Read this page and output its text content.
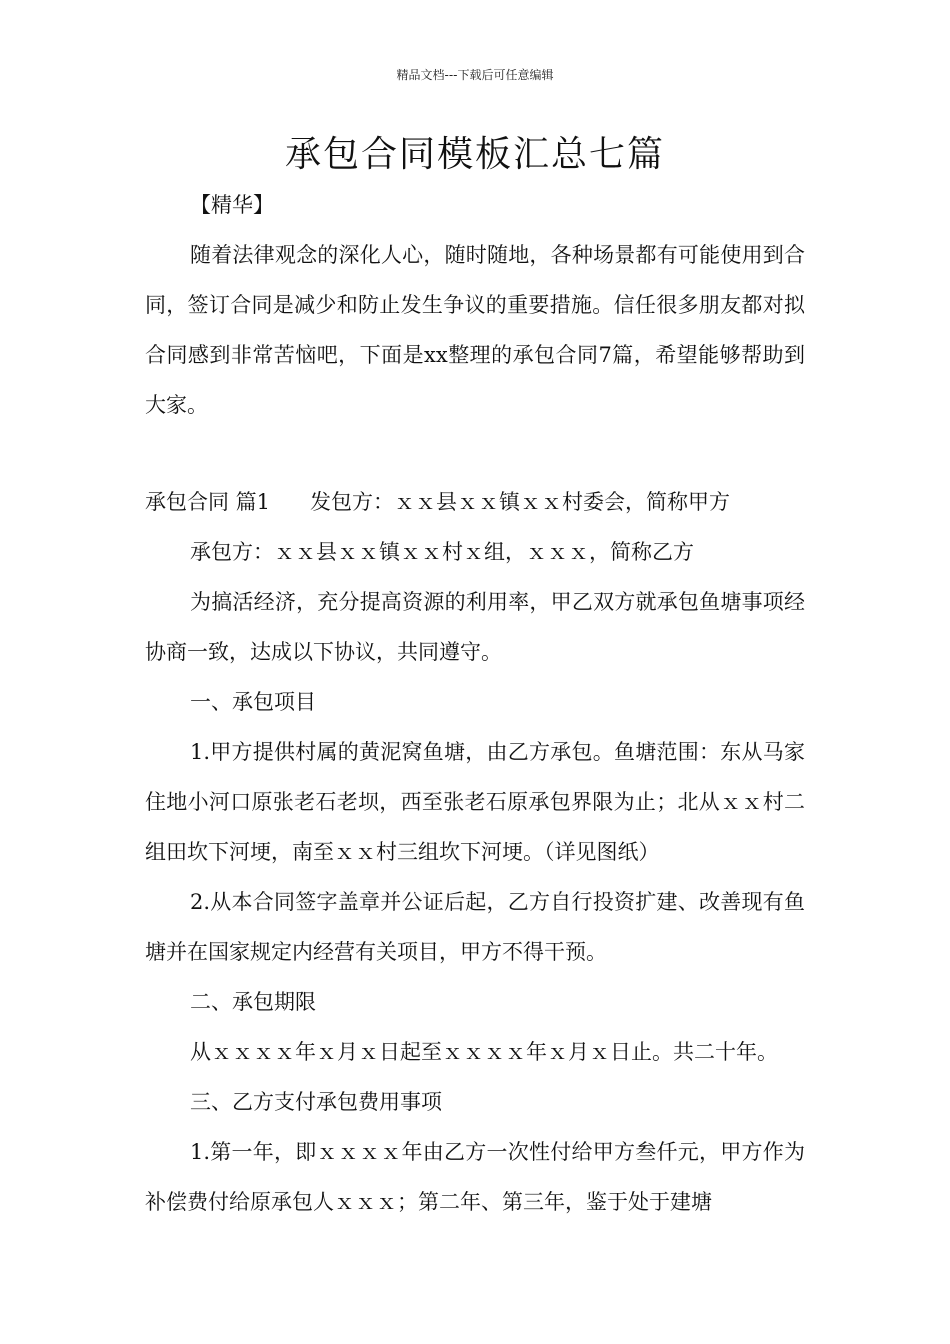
精品文档---下载后可任意编辑
承包合同模板汇总七篇

【精华】

随着法律观念的深化人心，随时随地，各种场景都有可能使用到合同，签订合同是减少和防止发生争议的重要措施。信任很多朋友都对拟合同感到非常苦恼吧，下面是xx整理的承包合同7篇，希望能够帮助到大家。

承包合同 篇1 发包方：ｘｘ县ｘｘ镇ｘｘ村委会，简称甲方

承包方：ｘｘ县ｘｘ镇ｘｘ村ｘ组，ｘｘｘ，简称乙方

为搞活经济，充分提高资源的利用率，甲乙双方就承包鱼塘事项经协商一致，达成以下协议，共同遵守。

一、承包项目

1.甲方提供村属的黄泥窝鱼塘，由乙方承包。鱼塘范围：东从马家住地小河口原张老石老坝，西至张老石原承包界限为止；北从ｘｘ村二组田坎下河埂，南至ｘｘ村三组坎下河埂。（详见图纸）

2.从本合同签字盖章并公证后起，乙方自行投资扩建、改善现有鱼塘并在国家规定内经营有关项目，甲方不得干预。

二、承包期限

从ｘｘｘｘ年ｘ月ｘ日起至ｘｘｘｘ年ｘ月ｘ日止。共二十年。

三、乙方支付承包费用事项

1.第一年，即ｘｘｘｘ年由乙方一次性付给甲方叁仟元，甲方作为补偿费付给原承包人ｘｘｘ；第二年、第三年，鉴于处于建塘
